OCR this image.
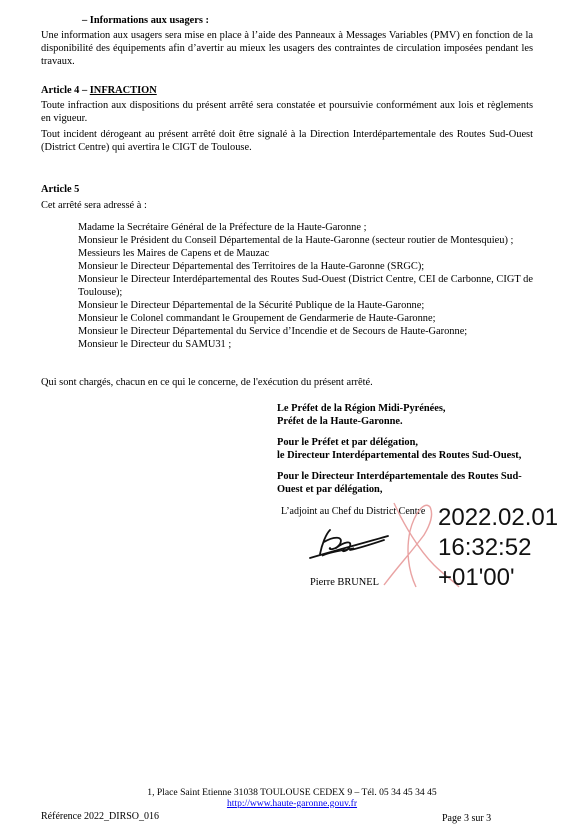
– Informations aux usagers :
Une information aux usagers sera mise en place à l’aide des Panneaux à Messages Variables (PMV) en fonction de la disponibilité des équipements afin d’avertir au mieux les usagers des contraintes de circulation imposées pendant les travaux.
Article 4 – INFRACTION
Toute infraction aux dispositions du présent arrêté sera constatée et poursuivie conformément aux lois et règlements en vigueur.
Tout incident dérogeant au présent arrêté doit être signalé à la Direction Interdépartementale des Routes Sud-Ouest (District Centre) qui avertira le CIGT de Toulouse.
Article 5
Cet arrêté sera adressé à :
Madame la Secrétaire Général de la Préfecture de la Haute-Garonne ;
Monsieur le Président du Conseil Départemental de la Haute-Garonne (secteur routier de Montesquieu) ;
Messieurs les Maires de Capens et de Mauzac
Monsieur le Directeur Départemental des Territoires de la Haute-Garonne (SRGC);
Monsieur le Directeur Interdépartemental des Routes Sud-Ouest (District Centre, CEI de Carbonne, CIGT de Toulouse);
Monsieur le Directeur Départemental de la Sécurité Publique de la Haute-Garonne;
Monsieur le Colonel commandant le Groupement de Gendarmerie de Haute-Garonne;
Monsieur le Directeur Départemental du Service d’Incendie et de Secours de Haute-Garonne;
Monsieur le Directeur du SAMU31 ;
Qui sont chargés, chacun en ce qui le concerne, de l'exécution du présent arrêté.
Le Préfet de la Région Midi-Pyrénées,
Préfet de la Haute-Garonne.
Pour le Préfet et par délégation,
le Directeur Interdépartemental des Routes Sud-Ouest,
Pour le Directeur Interdépartementale des Routes Sud-Ouest et par délégation,
L’adjoint au Chef du District Centre
Pierre BRUNEL
2022.02.01
16:32:52
+01'00'
1, Place Saint Etienne 31038 TOULOUSE CEDEX 9 – Tél. 05 34 45 34 45
http://www.haute-garonne.gouv.fr
Référence 2022_DIRSO_016	Page 3 sur 3
